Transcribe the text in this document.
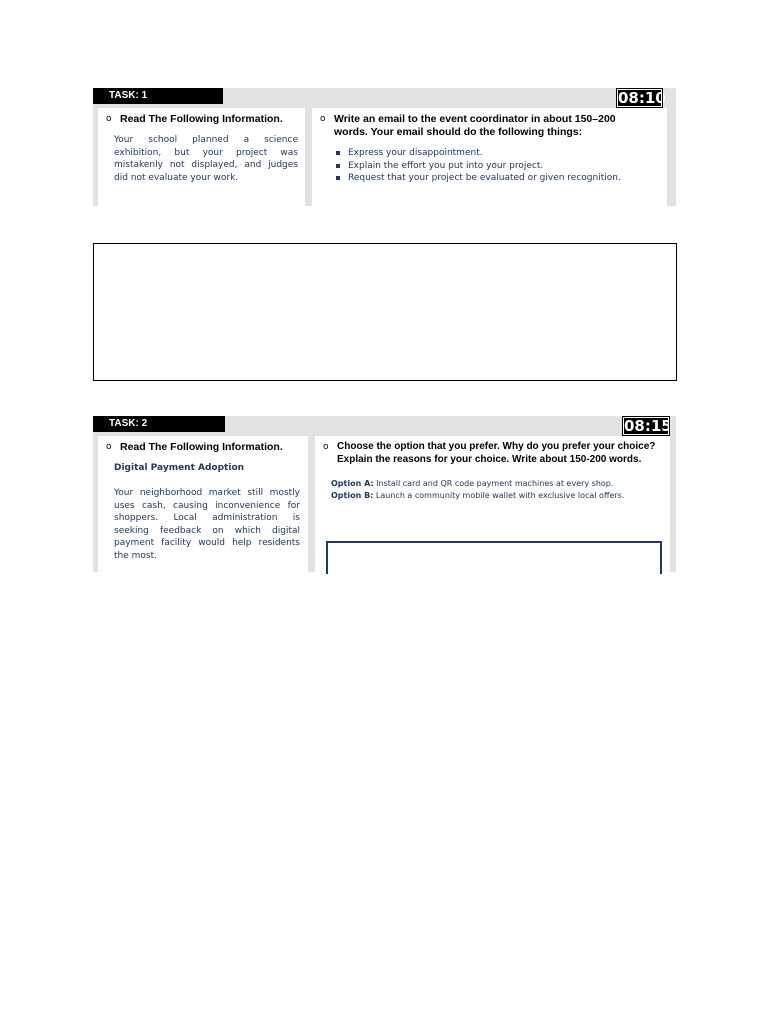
TASK: 1	08:10
o Read The Following Information.
Your school planned a science exhibition, but your project was mistakenly not displayed, and judges did not evaluate your work.
o Write an email to the event coordinator in about 150–200 words. Your email should do the following things:
Express your disappointment.
Explain the effort you put into your project.
Request that your project be evaluated or given recognition.
TASK: 2	08:15
o Read The Following Information.
Digital Payment Adoption
Your neighborhood market still mostly uses cash, causing inconvenience for shoppers. Local administration is seeking feedback on which digital payment facility would help residents the most.
o Choose the option that you prefer. Why do you prefer your choice? Explain the reasons for your choice. Write about 150-200 words.
Option A: Install card and QR code payment machines at every shop.
Option B: Launch a community mobile wallet with exclusive local offers.
